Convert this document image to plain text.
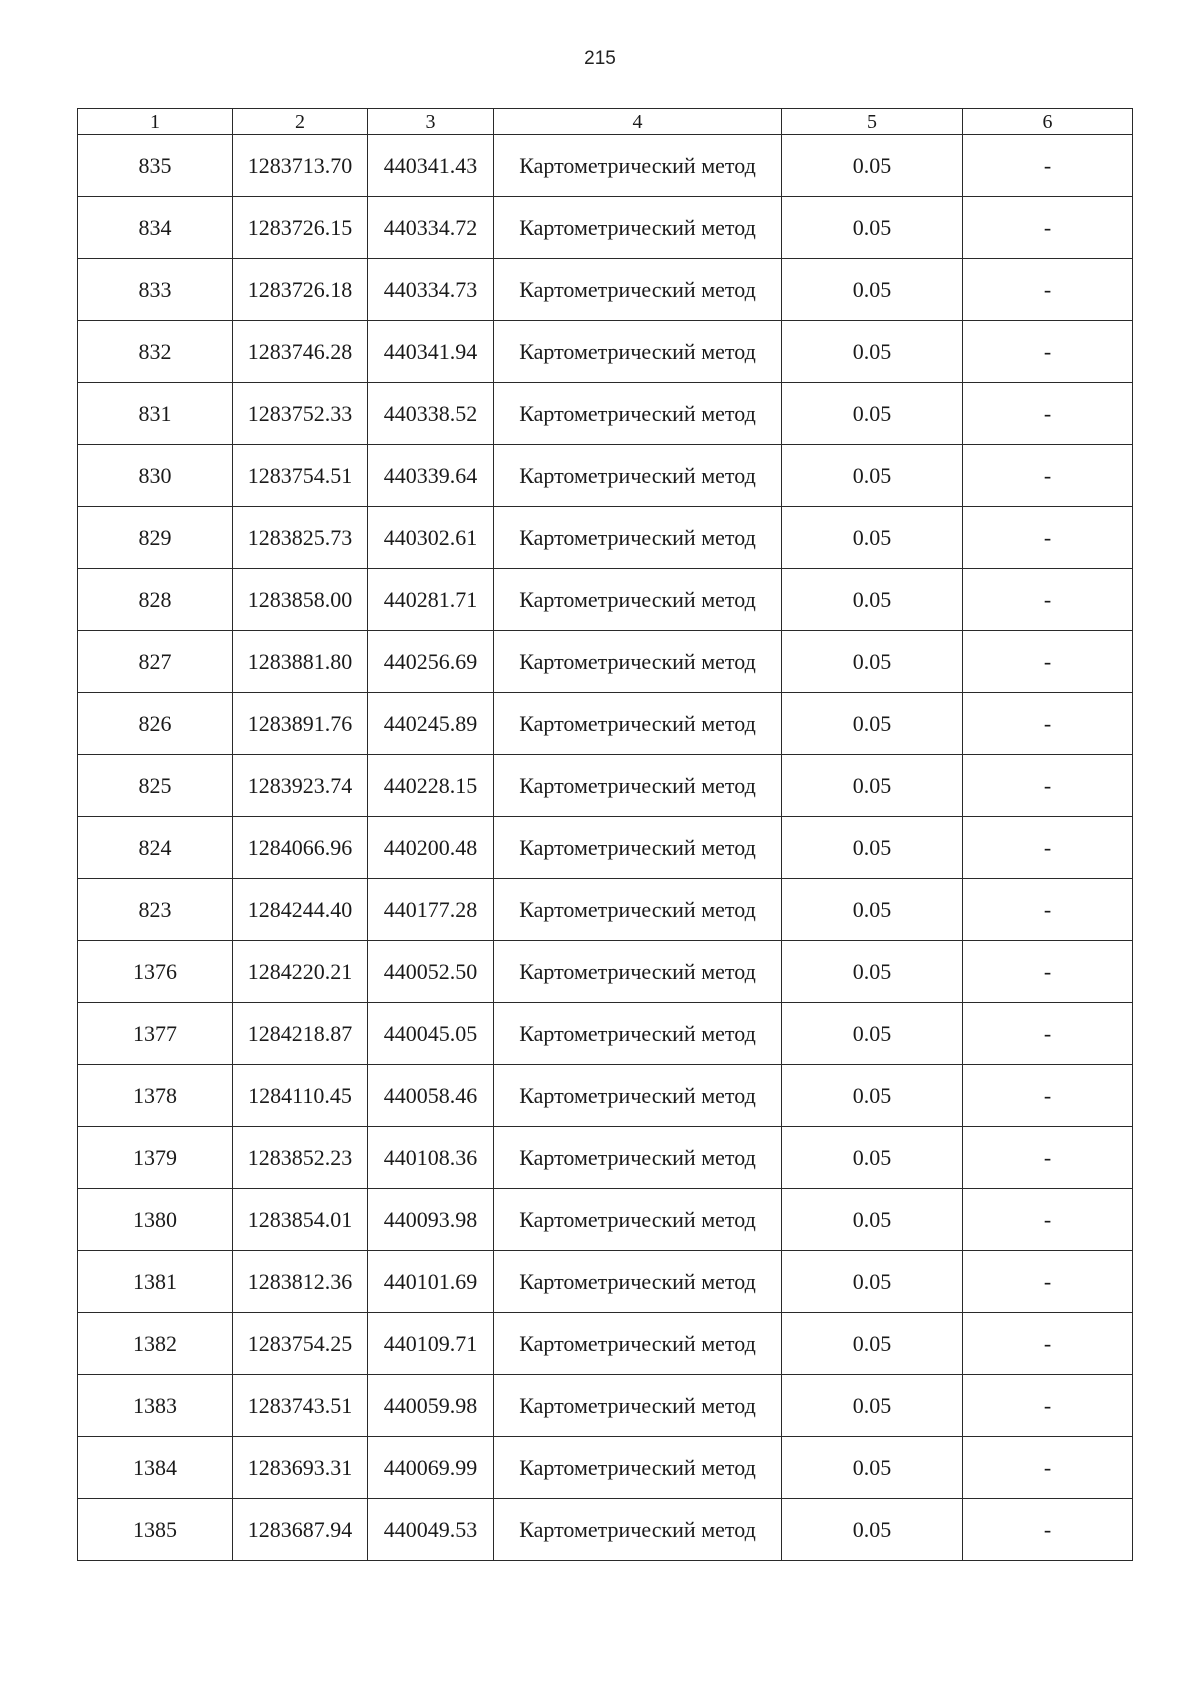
215
1	2	3	4	5	6
835	1283713.70	440341.43	Картометрический метод	0.05	-
834	1283726.15	440334.72	Картометрический метод	0.05	-
833	1283726.18	440334.73	Картометрический метод	0.05	-
832	1283746.28	440341.94	Картометрический метод	0.05	-
831	1283752.33	440338.52	Картометрический метод	0.05	-
830	1283754.51	440339.64	Картометрический метод	0.05	-
829	1283825.73	440302.61	Картометрический метод	0.05	-
828	1283858.00	440281.71	Картометрический метод	0.05	-
827	1283881.80	440256.69	Картометрический метод	0.05	-
826	1283891.76	440245.89	Картометрический метод	0.05	-
825	1283923.74	440228.15	Картометрический метод	0.05	-
824	1284066.96	440200.48	Картометрический метод	0.05	-
823	1284244.40	440177.28	Картометрический метод	0.05	-
1376	1284220.21	440052.50	Картометрический метод	0.05	-
1377	1284218.87	440045.05	Картометрический метод	0.05	-
1378	1284110.45	440058.46	Картометрический метод	0.05	-
1379	1283852.23	440108.36	Картометрический метод	0.05	-
1380	1283854.01	440093.98	Картометрический метод	0.05	-
1381	1283812.36	440101.69	Картометрический метод	0.05	-
1382	1283754.25	440109.71	Картометрический метод	0.05	-
1383	1283743.51	440059.98	Картометрический метод	0.05	-
1384	1283693.31	440069.99	Картометрический метод	0.05	-
1385	1283687.94	440049.53	Картометрический метод	0.05	-
